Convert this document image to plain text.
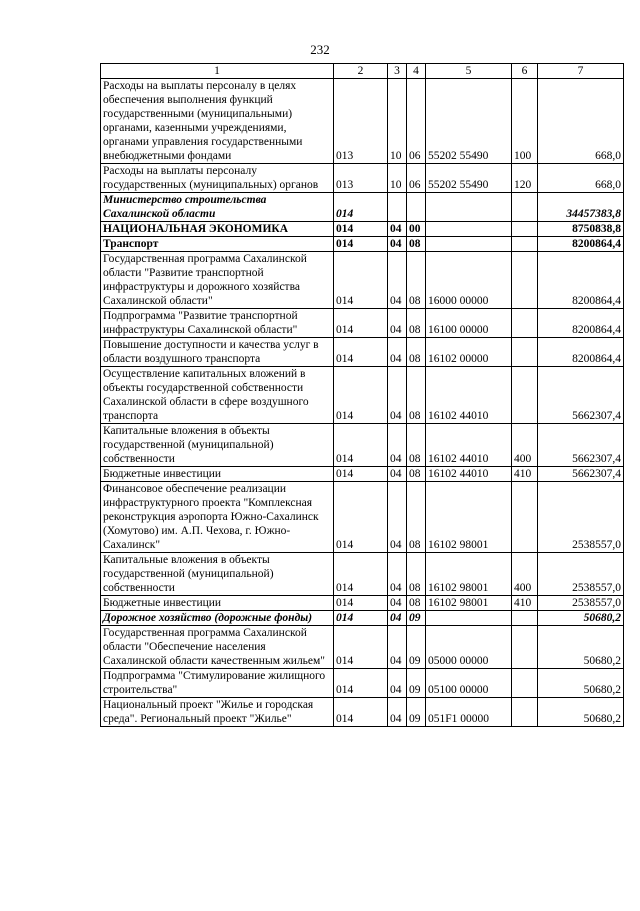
232
1	2	3	4	5	6	7
Расходы на выплаты персоналу в целях обеспечения выполнения функций государственными (муниципальными) органами, казенными учреждениями, органами управления государственными внебюджетными фондами	013	10	06	55202 55490	100	668,0
Расходы на выплаты персоналу государственных (муниципальных) органов	013	10	06	55202 55490	120	668,0
Министерство строительства Сахалинской области	014					34457383,8
НАЦИОНАЛЬНАЯ ЭКОНОМИКА	014	04	00			8750838,8
Транспорт	014	04	08			8200864,4
Государственная программа Сахалинской области "Развитие транспортной инфраструктуры и дорожного хозяйства Сахалинской области"	014	04	08	16000 00000		8200864,4
Подпрограмма "Развитие транспортной инфраструктуры Сахалинской области"	014	04	08	16100 00000		8200864,4
Повышение доступности и качества услуг в области воздушного транспорта	014	04	08	16102 00000		8200864,4
Осуществление капитальных вложений в объекты государственной собственности Сахалинской области в сфере воздушного транспорта	014	04	08	16102 44010		5662307,4
Капитальные вложения в объекты государственной (муниципальной) собственности	014	04	08	16102 44010	400	5662307,4
Бюджетные инвестиции	014	04	08	16102 44010	410	5662307,4
Финансовое обеспечение реализации инфраструктурного проекта "Комплексная реконструкция аэропорта Южно-Сахалинск (Хомутово) им. А.П. Чехова, г. Южно-Сахалинск"	014	04	08	16102 98001		2538557,0
Капитальные вложения в объекты государственной (муниципальной) собственности	014	04	08	16102 98001	400	2538557,0
Бюджетные инвестиции	014	04	08	16102 98001	410	2538557,0
Дорожное хозяйство (дорожные фонды)	014	04	09			50680,2
Государственная программа Сахалинской области "Обеспечение населения Сахалинской области качественным жильем"	014	04	09	05000 00000		50680,2
Подпрограмма "Стимулирование жилищного строительства"	014	04	09	05100 00000		50680,2
Национальный проект "Жилье и городская среда". Региональный проект "Жилье"	014	04	09	051F1 00000		50680,2
